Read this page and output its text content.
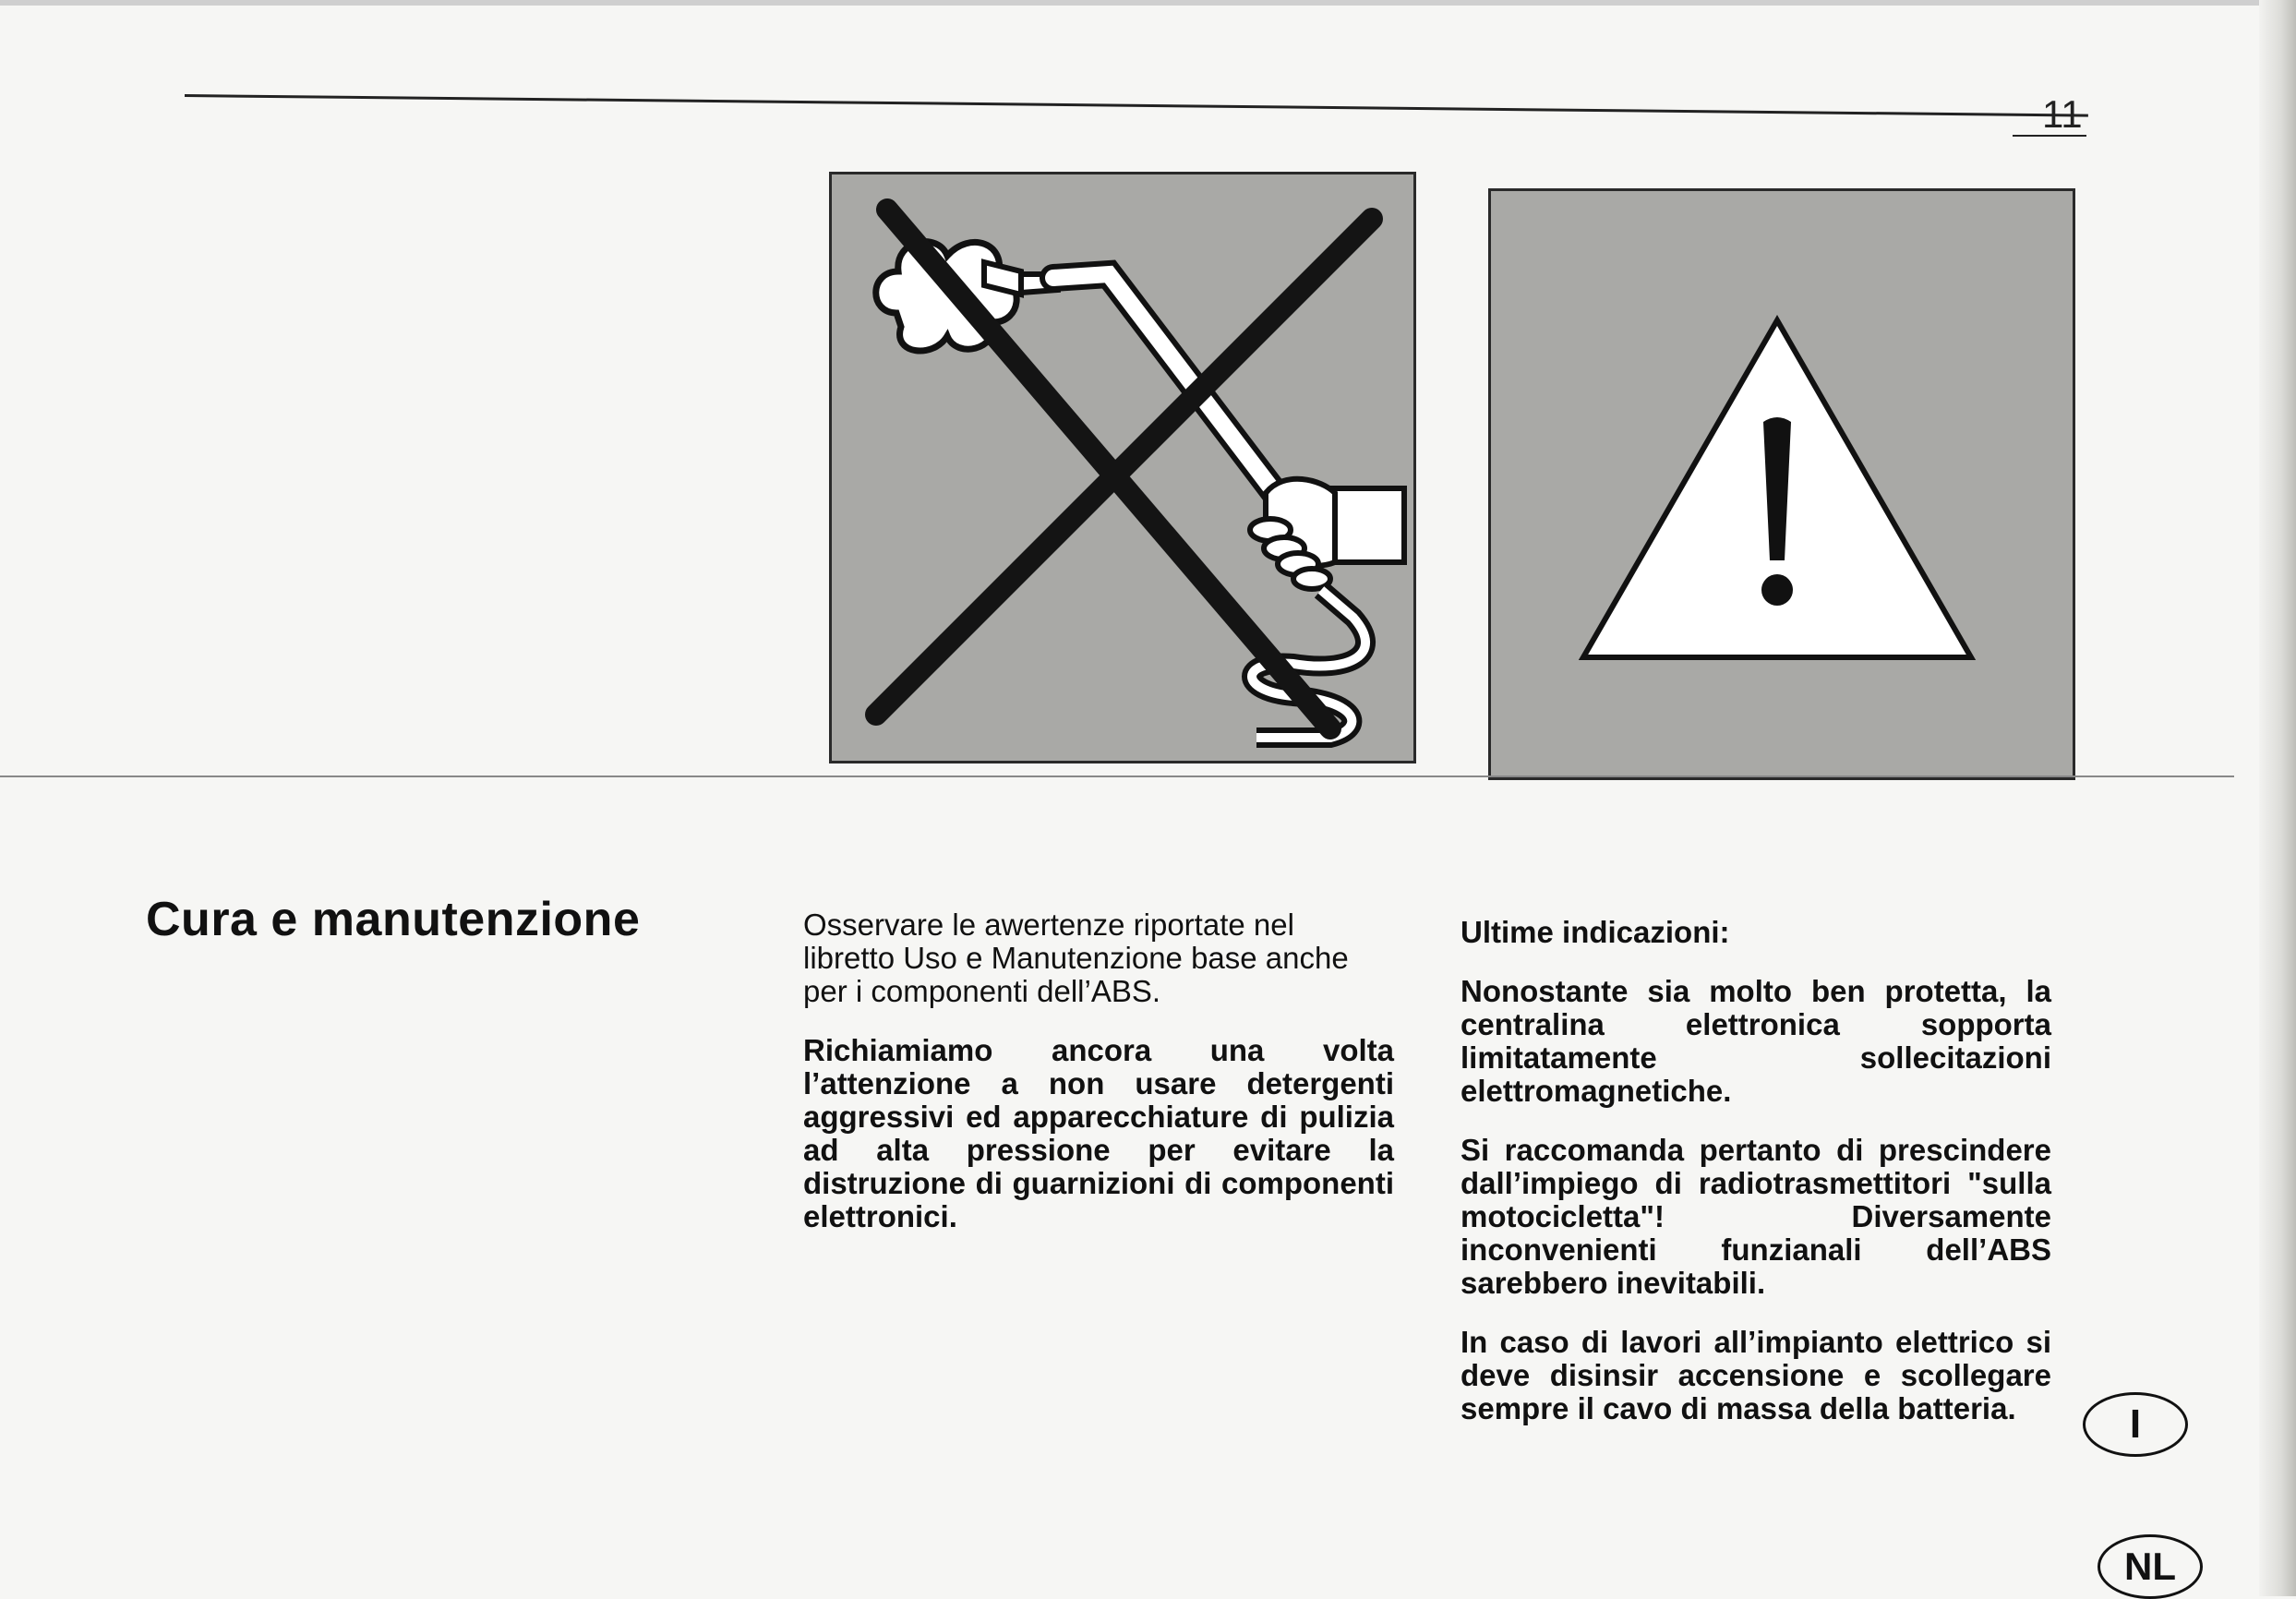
11
Cura e manutenzione	Osservare le awertenze riportate nel libretto Uso e Manutenzione base anche per i componenti dell’ABS.

Richiamiamo ancora una volta l’attenzione a non usare detergenti aggressivi ed apparecchiature di pulizia ad alta pressione per evitare la distruzione di guarnizioni di componenti elettronici.

Ultime indicazioni:

Nonostante sia molto ben protetta, la centralina elettronica sopporta limitatamente sollecitazioni elettromagnetiche.

Si raccomanda pertanto di prescindere dall’impiego di radiotrasmettitori "sulla motocicletta"! Diversamente inconvenienti funzianali dell’ABS sarebbero inevitabili.

In caso di lavori all’impianto elettrico si deve disinsir accensione e scollegare sempre il cavo di massa della batteria.	I
NL
